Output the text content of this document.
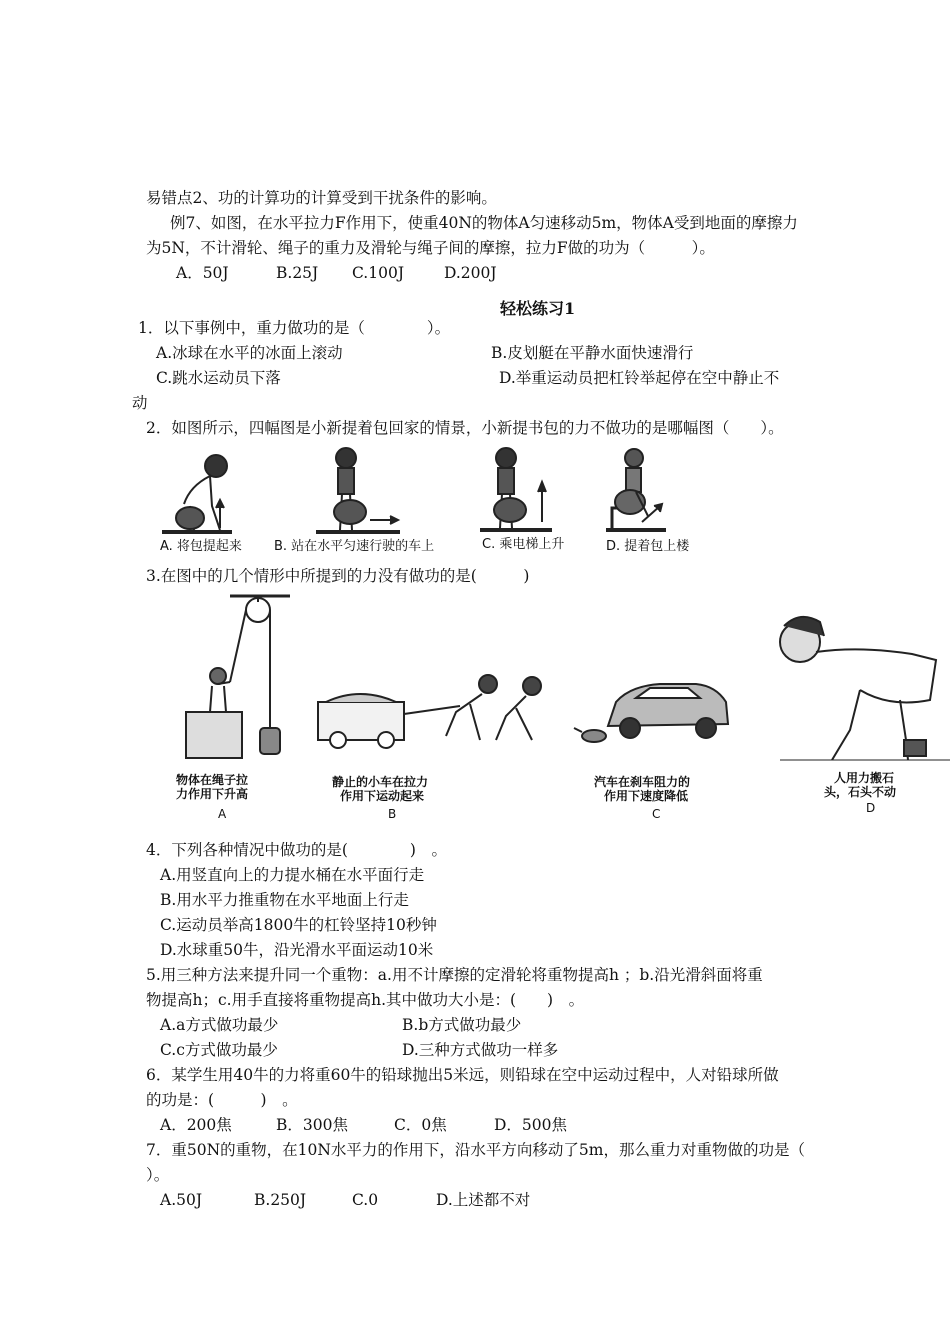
易错点2、功的计算功的计算受到干扰条件的影响。
例7、如图，在水平拉力F作用下，使重40N的物体A匀速移动5m，物体A受到地面的摩擦力
为5N，不计滑轮、绳子的重力及滑轮与绳子间的摩擦，拉力F做的功为（　　　）。
A．50J	B.25J C.100J	D.200J
轻松练习1
1．以下事例中，重力做功的是（　　　　）。
A.冰球在水平的冰面上滚动	B.皮划艇在平静水面快速滑行
C.跳水运动员下落	D.举重运动员把杠铃举起停在空中静止不
动
2．如图所示，四幅图是小新提着包回家的情景，小新提书包的力不做功的是哪幅图（　　）。
A. 将包提起来 B. 站在水平匀速行驶的车上	C. 乘电梯上升	D. 提着包上楼
3.在图中的几个情形中所提到的力没有做功的是(　　　)
物体在绳子拉
力作用下升高
A
静止的小车在拉力
作用下运动起来
B
汽车在刹车阻力的
作用下速度降低
C
人用力搬石
头，石头不动
D
4．下列各种情况中做功的是(　　　　)　。
A.用竖直向上的力提水桶在水平面行走
B.用水平力推重物在水平地面上行走
C.运动员举高1800牛的杠铃坚持10秒钟
D.水球重50牛，沿光滑水平面运动10米
5.用三种方法来提升同一个重物：a.用不计摩擦的定滑轮将重物提高h ；b.沿光滑斜面将重
物提高h；c.用手直接将重物提高h.其中做功大小是：(　　)　。
A.a方式做功最少	B.b方式做功最少
C.c方式做功最少	D.三种方式做功一样多
6．某学生用40牛的力将重60牛的铅球抛出5米远，则铅球在空中运动过程中，人对铅球所做
的功是：(　　　)　。
A．200焦	B．300焦	C．0焦	D．500焦
7．重50N的重物，在10N水平力的作用下，沿水平方向移动了5m，那么重力对重物做的功是（
）。
A.50J	B.250J	C.0	D.上述都不对
